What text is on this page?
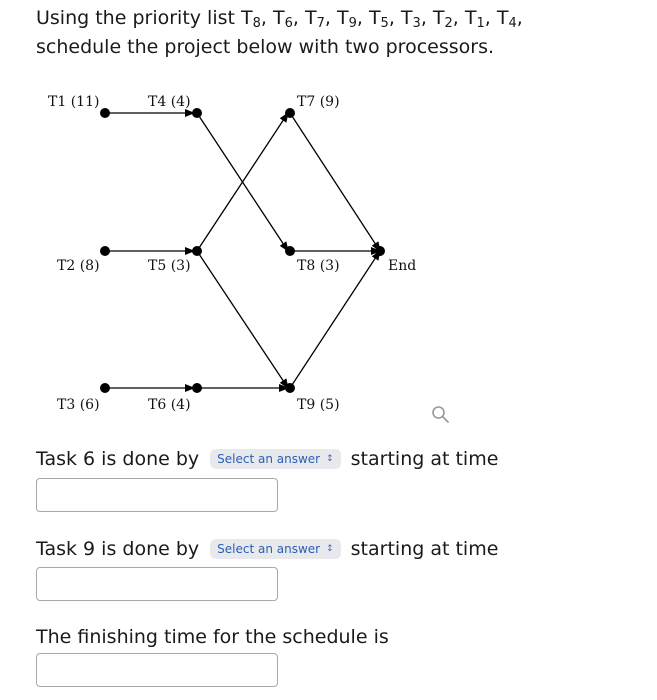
Using the priority list $T_8$, $T_6$, $T_7$, $T_9$, $T_5$, $T_3$, $T_2$, $T_1$, $T_4$,
schedule the project below with two processors.

T1 (11)	T4 (4)	T7 (9)
T2 (8)	T5 (3)	T8 (3)	End
T3 (6)	T6 (4)	T9 (5)
Task 6 is done by Select an answer ↕ starting at time
Task 9 is done by Select an answer ↕ starting at time
The finishing time for the schedule is
